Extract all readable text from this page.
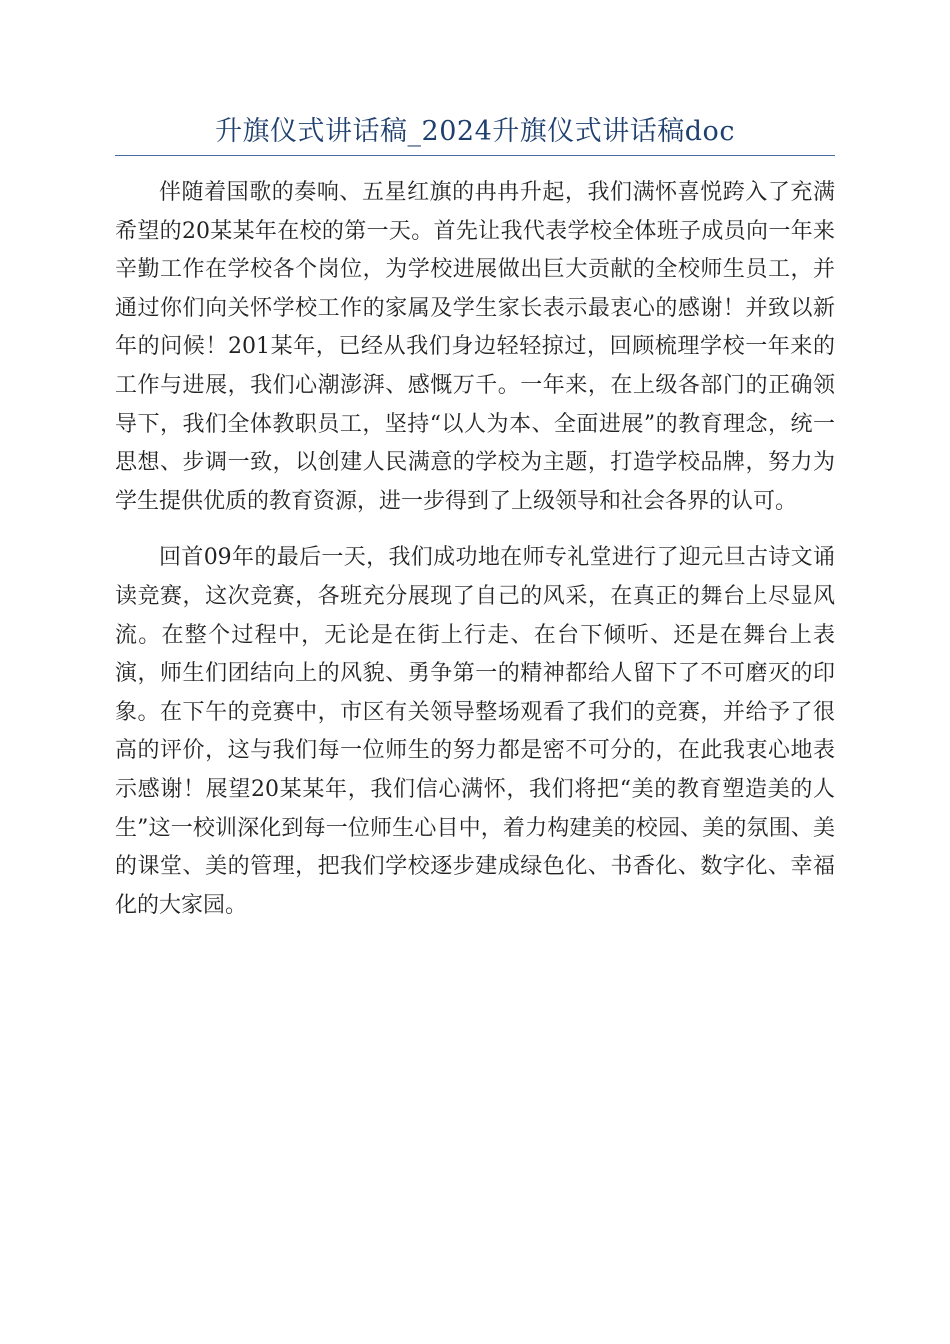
升旗仪式讲话稿_2024升旗仪式讲话稿doc

伴随着国歌的奏响、五星红旗的冉冉升起，我们满怀喜悦跨入了充满希望的20某某年在校的第一天。首先让我代表学校全体班子成员向一年来辛勤工作在学校各个岗位，为学校进展做出巨大贡献的全校师生员工，并通过你们向关怀学校工作的家属及学生家长表示最衷心的感谢！并致以新年的问候！201某年，已经从我们身边轻轻掠过，回顾梳理学校一年来的工作与进展，我们心潮澎湃、感慨万千。一年来，在上级各部门的正确领导下，我们全体教职员工，坚持“以人为本、全面进展”的教育理念，统一思想、步调一致，以创建人民满意的学校为主题，打造学校品牌，努力为学生提供优质的教育资源，进一步得到了上级领导和社会各界的认可。

回首09年的最后一天，我们成功地在师专礼堂进行了迎元旦古诗文诵读竞赛，这次竞赛，各班充分展现了自己的风采，在真正的舞台上尽显风流。在整个过程中，无论是在街上行走、在台下倾听、还是在舞台上表演，师生们团结向上的风貌、勇争第一的精神都给人留下了不可磨灭的印象。在下午的竞赛中，市区有关领导整场观看了我们的竞赛，并给予了很高的评价，这与我们每一位师生的努力都是密不可分的，在此我衷心地表示感谢！展望20某某年，我们信心满怀，我们将把“美的教育塑造美的人生”这一校训深化到每一位师生心目中，着力构建美的校园、美的氛围、美的课堂、美的管理，把我们学校逐步建成绿色化、书香化、数字化、幸福化的大家园。
